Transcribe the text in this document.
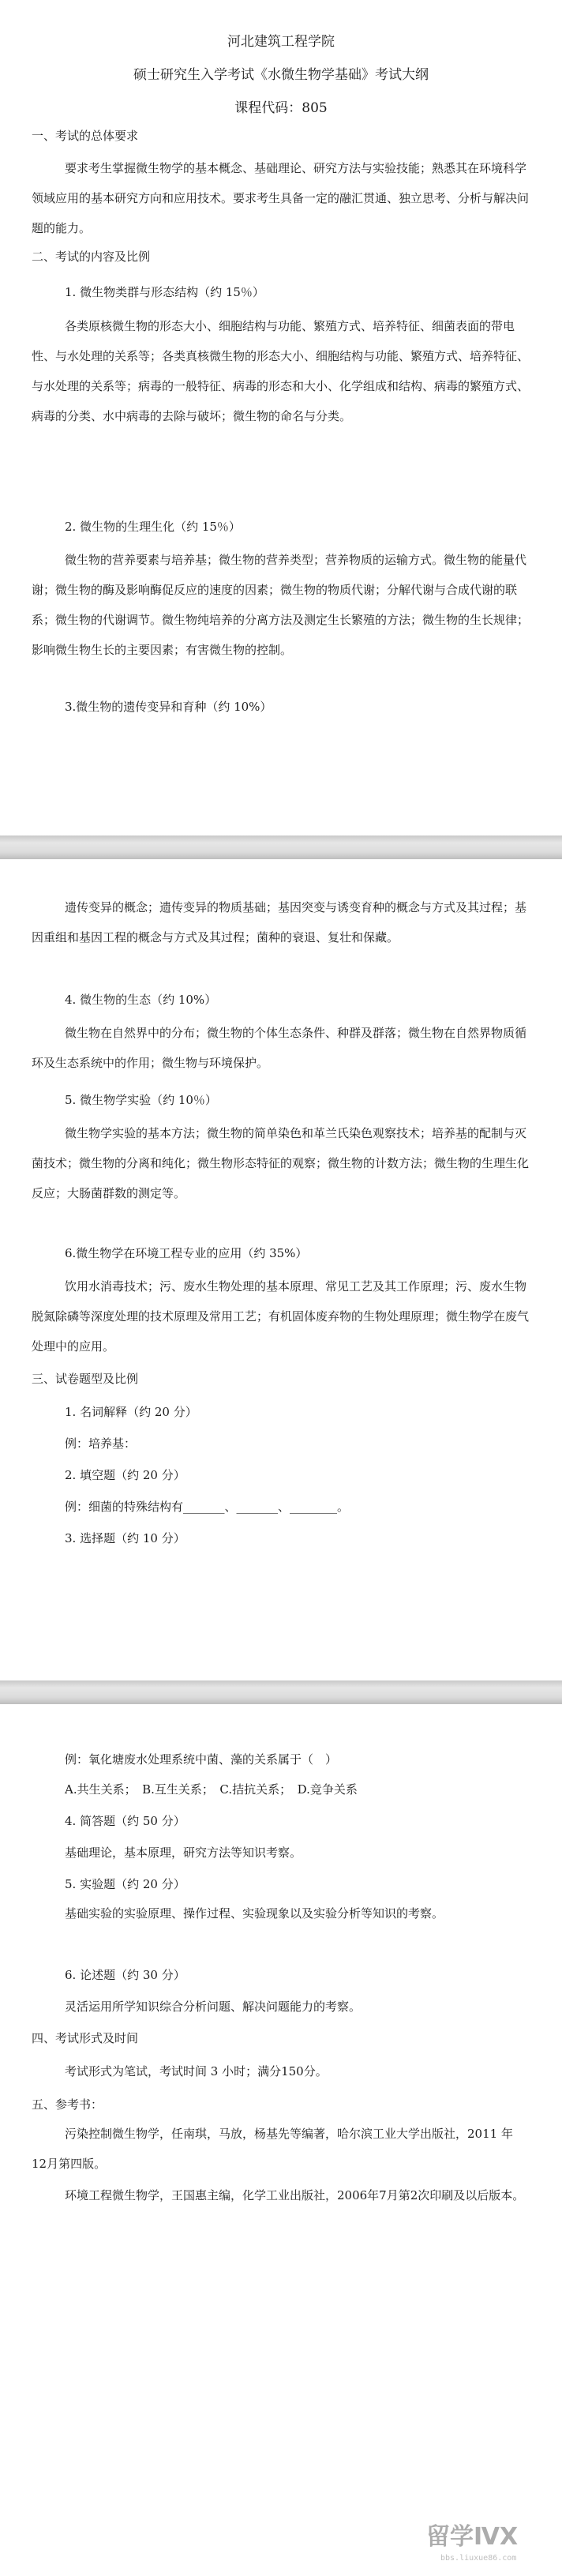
河北建筑工程学院

硕士研究生入学考试《水微生物学基础》考试大纲

课程代码：805

一、考试的总体要求

要求考生掌握微生物学的基本概念、基础理论、研究方法与实验技能；熟悉其在环境科学领域应用的基本研究方向和应用技术。要求考生具备一定的融汇贯通、独立思考、分析与解决问题的能力。

二、考试的内容及比例

1. 微生物类群与形态结构（约 15％）

各类原核微生物的形态大小、细胞结构与功能、繁殖方式、培养特征、细菌表面的带电性、与水处理的关系等；各类真核微生物的形态大小、细胞结构与功能、繁殖方式、培养特征、与水处理的关系等；病毒的一般特征、病毒的形态和大小、化学组成和结构、病毒的繁殖方式、病毒的分类、水中病毒的去除与破坏；微生物的命名与分类。

2. 微生物的生理生化（约 15％）

微生物的营养要素与培养基；微生物的营养类型；营养物质的运输方式。微生物的能量代谢；微生物的酶及影响酶促反应的速度的因素；微生物的物质代谢；分解代谢与合成代谢的联系；微生物的代谢调节。微生物纯培养的分离方法及测定生长繁殖的方法；微生物的生长规律；影响微生物生长的主要因素；有害微生物的控制。

3.微生物的遗传变异和育种（约 10%）

遗传变异的概念；遗传变异的物质基础；基因突变与诱变育种的概念与方式及其过程；基因重组和基因工程的概念与方式及其过程；菌种的衰退、复壮和保藏。

4. 微生物的生态（约 10%）

微生物在自然界中的分布；微生物的个体生态条件、种群及群落；微生物在自然界物质循环及生态系统中的作用；微生物与环境保护。

5. 微生物学实验（约 10％）

微生物学实验的基本方法；微生物的简单染色和革兰氏染色观察技术；培养基的配制与灭菌技术；微生物的分离和纯化；微生物形态特征的观察；微生物的计数方法；微生物的生理生化反应；大肠菌群数的测定等。

6.微生物学在环境工程专业的应用（约 35%）

饮用水消毒技术；污、废水生物处理的基本原理、常见工艺及其工作原理；污、废水生物脱氮除磷等深度处理的技术原理及常用工艺；有机固体废弃物的生物处理原理；微生物学在废气处理中的应用。

三、试卷题型及比例

1. 名词解释（约 20 分）

例：培养基：

2. 填空题（约 20 分）

例：细菌的特殊结构有_______、_______、________。

3. 选择题（约 10 分）

例：氧化塘废水处理系统中菌、藻的关系属于（　）

A.共生关系；　B.互生关系；　C.拮抗关系；　D.竞争关系

4. 简答题（约 50 分）

基础理论，基本原理，研究方法等知识考察。

5. 实验题（约 20 分）

基础实验的实验原理、操作过程、实验现象以及实验分析等知识的考察。

6. 论述题（约 30 分）

灵活运用所学知识综合分析问题、解决问题能力的考察。

四、考试形式及时间

考试形式为笔试，考试时间 3 小时；满分150分。

五、参考书：

污染控制微生物学，任南琪，马放，杨基先等编著，哈尔滨工业大学出版社，2011 年 12月第四版。

环境工程微生物学，王国惠主编，化学工业出版社，2006年7月第2次印刷及以后版本。

留学ⅣⅩ
bbs.liuxue86.com
